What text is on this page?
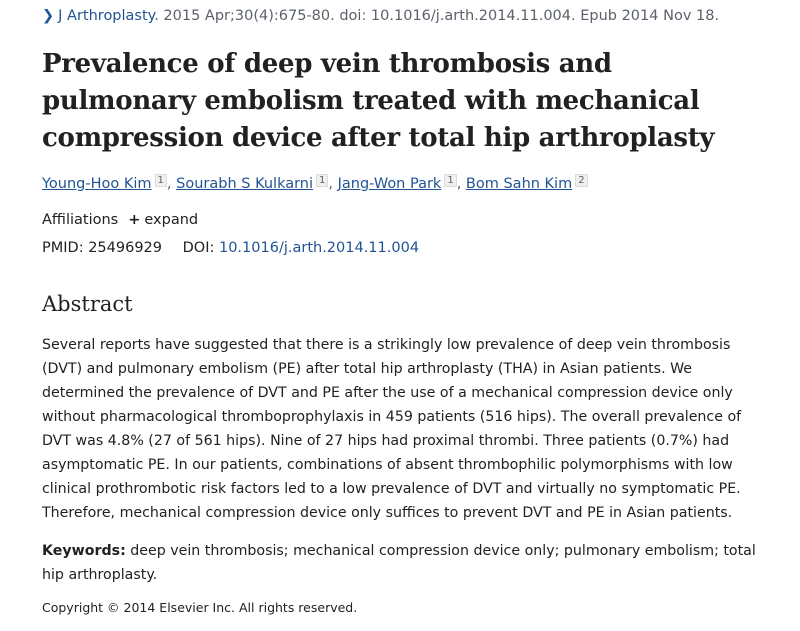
❯ J Arthroplasty. 2015 Apr;30(4):675-80. doi: 10.1016/j.arth.2014.11.004. Epub 2014 Nov 18.
Prevalence of deep vein thrombosis and pulmonary embolism treated with mechanical compression device after total hip arthroplasty
Young-Hoo Kim $^1$ , Sourabh S Kulkarni $^1$ , Jang-Won Park $^1$ , Bom Sahn Kim $^2$
Affiliations + expand
PMID: 25496929 DOI: 10.1016/j.arth.2014.11.004
Abstract

Several reports have suggested that there is a strikingly low prevalence of deep vein thrombosis (DVT) and pulmonary embolism (PE) after total hip arthroplasty (THA) in Asian patients. We determined the prevalence of DVT and PE after the use of a mechanical compression device only without pharmacological thromboprophylaxis in 459 patients (516 hips). The overall prevalence of DVT was 4.8% (27 of 561 hips). Nine of 27 hips had proximal thrombi. Three patients (0.7%) had asymptomatic PE. In our patients, combinations of absent thrombophilic polymorphisms with low clinical prothrombotic risk factors led to a low prevalence of DVT and virtually no symptomatic PE. Therefore, mechanical compression device only suffices to prevent DVT and PE in Asian patients.

Keywords: deep vein thrombosis; mechanical compression device only; pulmonary embolism; total hip arthroplasty.

Copyright © 2014 Elsevier Inc. All rights reserved.
